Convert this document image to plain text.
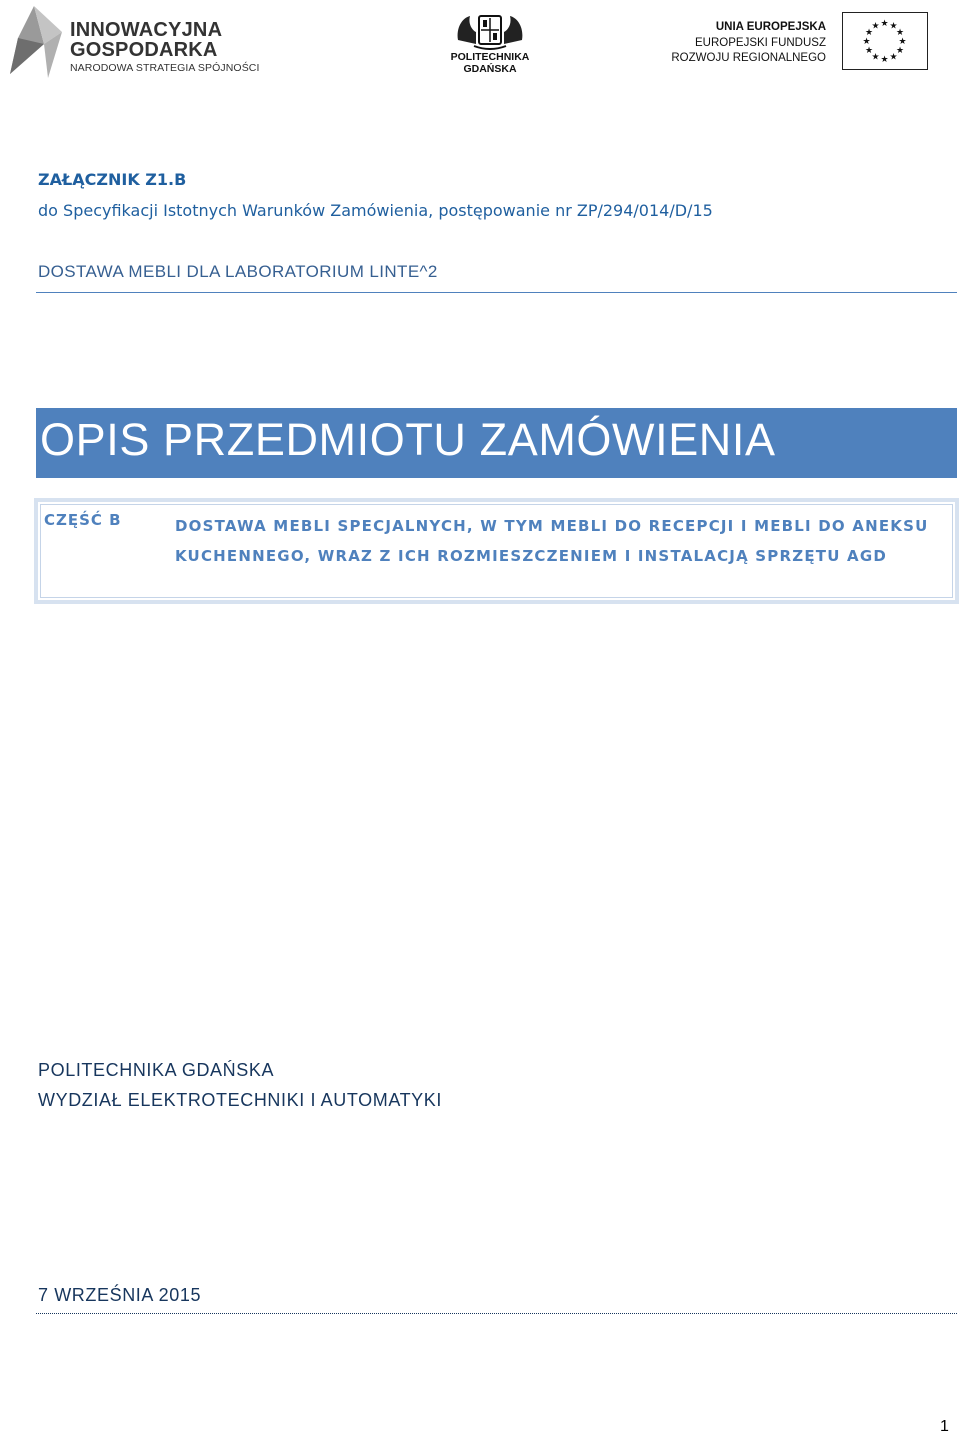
INNOWACYJNA
GOSPODARKA
NARODOWA STRATEGIA SPÓJNOŚCI
POLITECHNIKA
GDAŃSKA
UNIA EUROPEJSKA
EUROPEJSKI FUNDUSZ
ROZWOJU REGIONALNEGO
★ ★
★
★
★
★
★
★
★
★
★
★
ZAŁĄCZNIK Z1.B
do Specyfikacji Istotnych Warunków Zamówienia, postępowanie nr ZP/294/014/D/15
DOSTAWA MEBLI DLA LABORATORIUM LINTE^2
OPIS PRZEDMIOTU ZAMÓWIENIA
CZĘŚĆ B	DOSTAWA MEBLI SPECJALNYCH, W TYM MEBLI DO RECEPCJI I MEBLI DO ANEKSU KUCHENNEGO, WRAZ Z ICH ROZMIESZCZENIEM I INSTALACJĄ SPRZĘTU AGD
POLITECHNIKA GDAŃSKA
WYDZIAŁ ELEKTROTECHNIKI I AUTOMATYKI
7 WRZEŚNIA 2015
1
